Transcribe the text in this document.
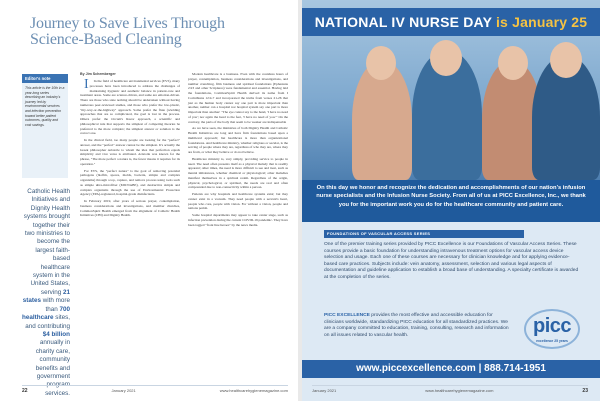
Journey to Save Lives Through Science-Based Cleaning
Editor's note
This article is the 10th in a year-long series describing an industry's journey led by environmental services and infection prevention toward better patient outcomes, quality and cost savings.
Catholic Health Initiatives and Dignity Health systems brought together their two ministries to become the largest faith-based healthcare system in the United States, serving 21 states with more than 700 healthcare sites, and contributing $4 billion annually in charity care, community benefits and government program services.
By Jim Schemberger

I In the field of healthcare environmental services (EVS), many processes have been introduced to address the challenges of maintaining hygienic and aesthetic balance in patient-care and treatment areas. Some are science-driven, and some are emotion-driven. There are those who state nothing should be undertaken without having numerous peer-reviewed studies, and those who prefer the low-plastic, "my-way-or-the-highway" approach. Some prefer the flute (wielding approaches that are so complicated, the goal is lost in the process. Others prefer the Occam's Razor approach, a scientific and philosophical rule that supports the simplest of competing theories be preferred to the more complex; the simplest answer or solution is the correct one.

In the clinical field, too many people are looking for the "perfect" answer, and the "perfect" answer cannot be the simplest. It's actually the Greek philosopher Aristotle to whom the idea that perfection equals simplicity and vice versa is attributed. Aristotle was known for the phrase, "The more perfect a nature is, the fewer means it requires for its operation."

For EVS, the "perfect nature" is the goal of removing potential pathogens (bioflm, spores, molds, bacteria, simple and complex organisms) through a top, capture, and remove process using tools such as simple ultra-microfiber (MICNABE), and destructive simple and complex organisms through the use of Environmental Protection Agency (EPA)-registered, hospital-grade disinfectants.

In February 2019, after years of serious prayer, contemplation, business considerations and investigations, and member churches, CommonSpirit Health emerged from the alignment of Catholic Health Initiatives (CHI) and Dignity Health.

Modern healthcare is a business. Even with the countless hours of prayer, contemplation, business considerations and investigations, and number crunching, film business and spiritual foundations (Ephesians 2:23 and other Scriptures) were fundamental and essential. Having laid the foundations, CommonSpirit Health derived its name from I Corinthians 12:4-7 and incorporated the truths from verses 21-26 that just as the human body cannot say one part is more important than another, neither can a hospital nor hospital system say one part is more important than another: "The eye cannot say to the hand, 'I have no need of you'; nor again the head to the feet, 'I have no need of you.'" On the contrary, the parts of the body that seem to be weaker are indispensable

As we have seen, the ministries of both Dignity Health and Catholic Health Initiatives are long and have firm foundations based upon a multilevel approach; but healthcare is more than organizational foundations. And healthcare ministry, whether religious or secular, is the serving of people where they are, regardless of who they are, where they are from, or what they believe or do not believe.

Healthcare ministry is, very simply, providing service to people in need. The need often presents itself as a physical malady that is readily apparent; other times, the need is more difficult to see and treat, such as mental imbalances, whether chemical or physiological; other maladies manifest themselves in a spiritual realm. Regardless of the origin, physical, psychological, or spiritual, the needs are real and often compounded due to non-connectivity within a person.

Patients are why hospitals and healthcare systems exist; but they cannot exist in a vacuum. They need people with a servant's heart, people who care, people with vision. For without a vision, people and nations perish.

Some hospital departments may appear to take center stage, such as infection prevention during the current COVID-19 pandemic. They have been tagged "front line heroes" by the news media.

22	January 2021	www.healthcarehygienemagazine.com
NATIONAL IV NURSE DAY is January 25
On this day we honor and recognize the dedication and accomplishments of our nation's infusion nurse specialists and the Infusion Nurse Society. From all of us at PICC Excellence, Inc., we thank you for the important work you do for the healthcare community and patient care.
FOUNDATIONS OF VASCULAR ACCESS SERIES
One of the premier training series provided by PICC Excellence is our Foundations of Vascular Access Series. These courses provide a basic foundation for understanding intravenous treatment options for vascular access device selection and usage. Each one of these courses are necessary for clinician knowledge and for applying evidence-based care practices. Subjects include: vein anatomy, assessment, selection and various legal aspects of documentation and guideline application to establish a broad base of understanding. A specialty certificate is awarded at the completion of the series.
PICC EXCELLENCE provides the most effective and accessible education for clinicians worldwide, standardizing PICC education for all standardized practices. We are a company committed to education, training, consulting, research and information on all issues related to vascular health.	picc
excellence 25 years
www.piccexcellence.com | 888.714-1951
January 2021	www.healthcarehygienemagazine.com	23
